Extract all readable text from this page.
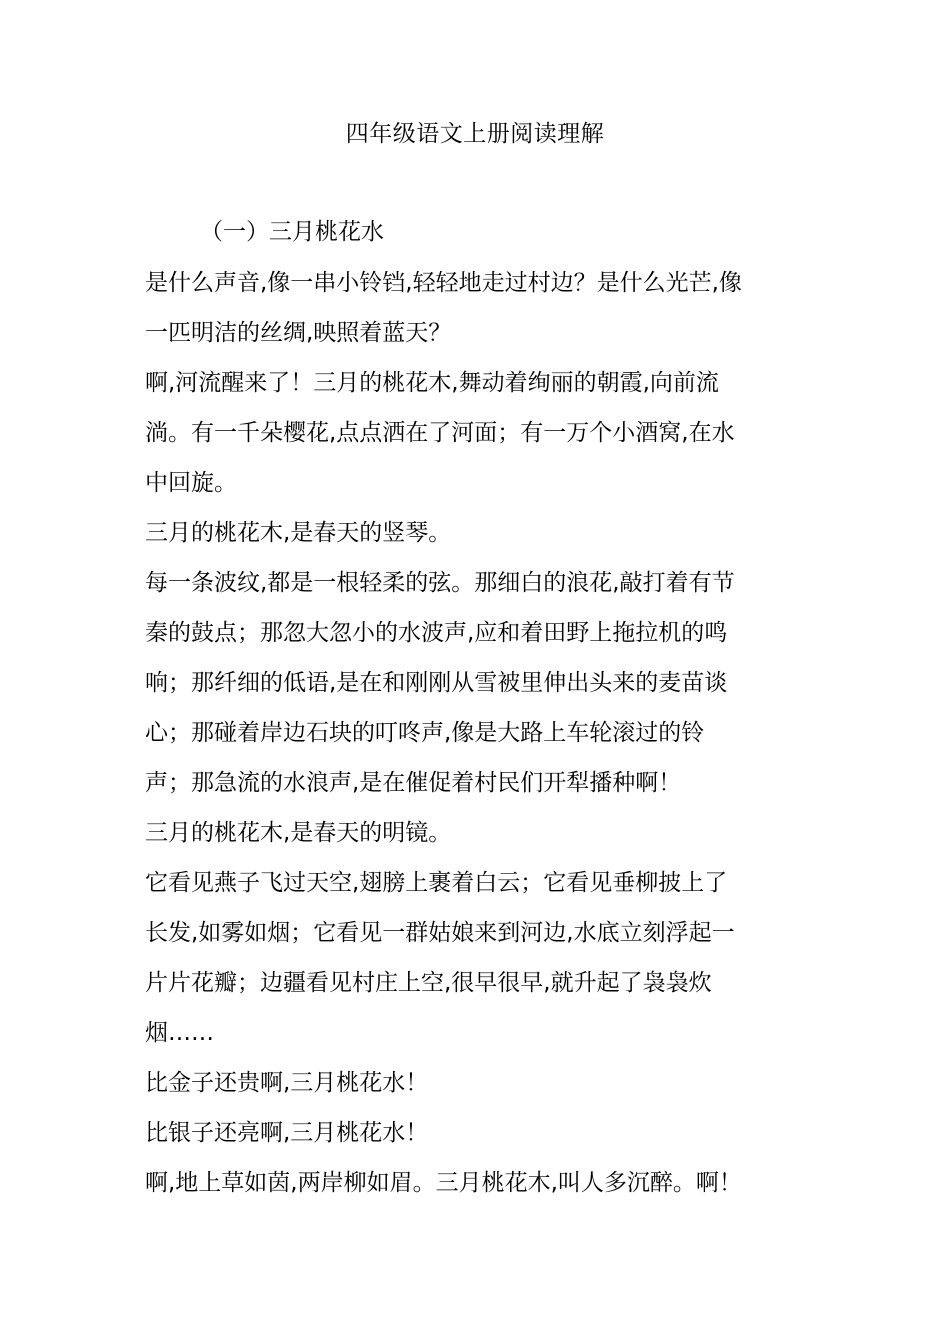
四年级语文上册阅读理解
（一）三月桃花水
是什么声音,像一串小铃铛,轻轻地走过村边？是什么光芒,像
一匹明洁的丝绸,映照着蓝天？
啊,河流醒来了！三月的桃花木,舞动着绚丽的朝霞,向前流
淌。有一千朵樱花,点点洒在了河面；有一万个小酒窝,在水
中回旋。
三月的桃花木,是春天的竖琴。
每一条波纹,都是一根轻柔的弦。那细白的浪花,敲打着有节
秦的鼓点；那忽大忽小的水波声,应和着田野上拖拉机的鸣
响；那纤细的低语,是在和刚刚从雪被里伸出头来的麦苗谈
心；那碰着岸边石块的叮咚声,像是大路上车轮滚过的铃
声；那急流的水浪声,是在催促着村民们开犁播种啊！
三月的桃花木,是春天的明镜。
它看见燕子飞过天空,翅膀上裹着白云；它看见垂柳披上了
长发,如雾如烟；它看见一群姑娘来到河边,水底立刻浮起一
片片花瓣；边疆看见村庄上空,很早很早,就升起了袅袅炊
烟……
比金子还贵啊,三月桃花水！
比银子还亮啊,三月桃花水！
啊,地上草如茵,两岸柳如眉。三月桃花木,叫人多沉醉。啊！
